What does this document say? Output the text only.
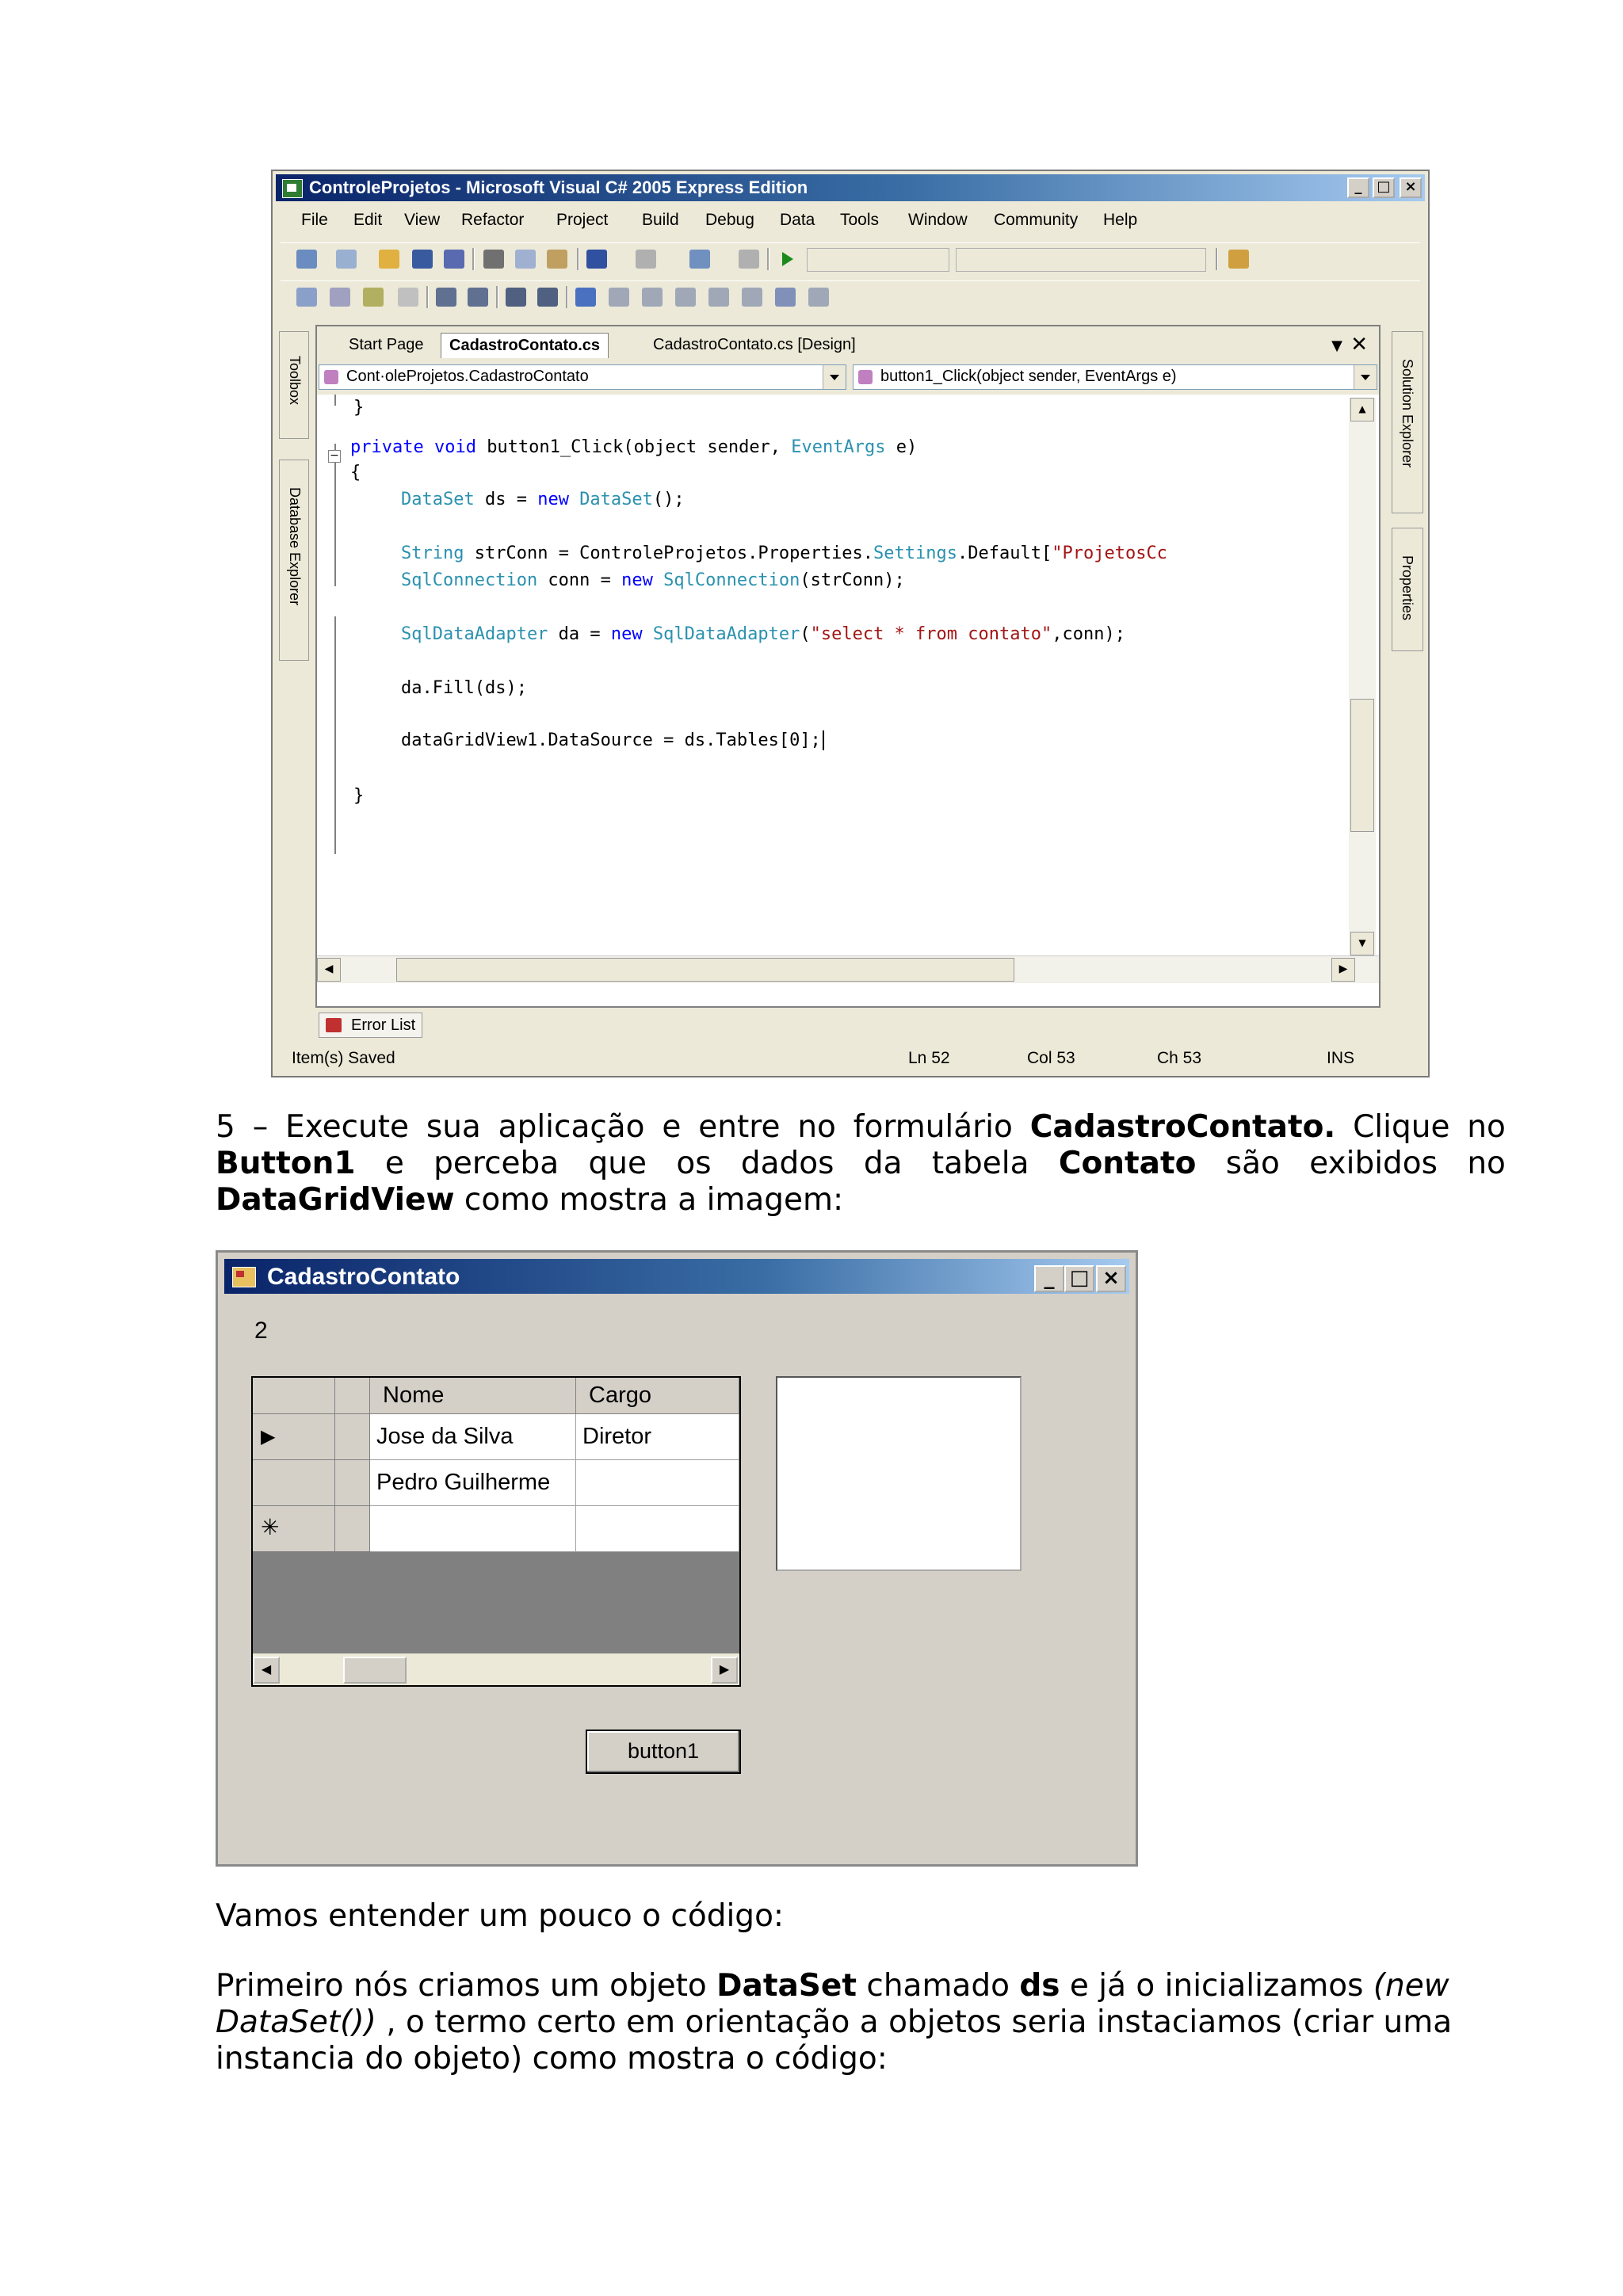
ControleProjetos - Microsoft Visual C# 2005 Express Edition	_	□ ×
File Edit View Refactor Project Build Debug Data Tools Window Community Help
Toolbox
Database Explorer
Solution Explorer
Properties
Start Page	CadastroContato.cs	CadastroContato.cs [Design]	▼ ✕
Cont·oleProjetos.CadastroContato	button1_Click(object sender, EventArgs e)
−
}
private void button1_Click(object sender, EventArgs e)
{
DataSet ds = new DataSet();
String strConn = ControleProjetos.Properties.Settings.Default["ProjetosCc
SqlConnection conn = new SqlConnection(strConn);
SqlDataAdapter da = new SqlDataAdapter("select * from contato",conn);
da.Fill(ds);
dataGridView1.DataSource = ds.Tables[0];
}
▲
▼
◀	▶
Error List
Item(s) Saved	Ln 52	Col 53	Ch 53	INS
5 – Execute sua aplicação e entre no formulário CadastroContato. Clique no
Button1 e perceba que os dados da tabela Contato são exibidos no
DataGridView como mostra a imagem:
CadastroContato	_ □ ×
2
Nome	Cargo
▶	Jose da Silva	Diretor
Pedro Guilherme
✳
◀	▶
button1
Vamos entender um pouco o código:
Primeiro nós criamos um objeto DataSet chamado ds e já o inicializamos (new DataSet()) , o termo certo em orientação a objetos seria instaciamos (criar uma instancia do objeto) como mostra o código:
